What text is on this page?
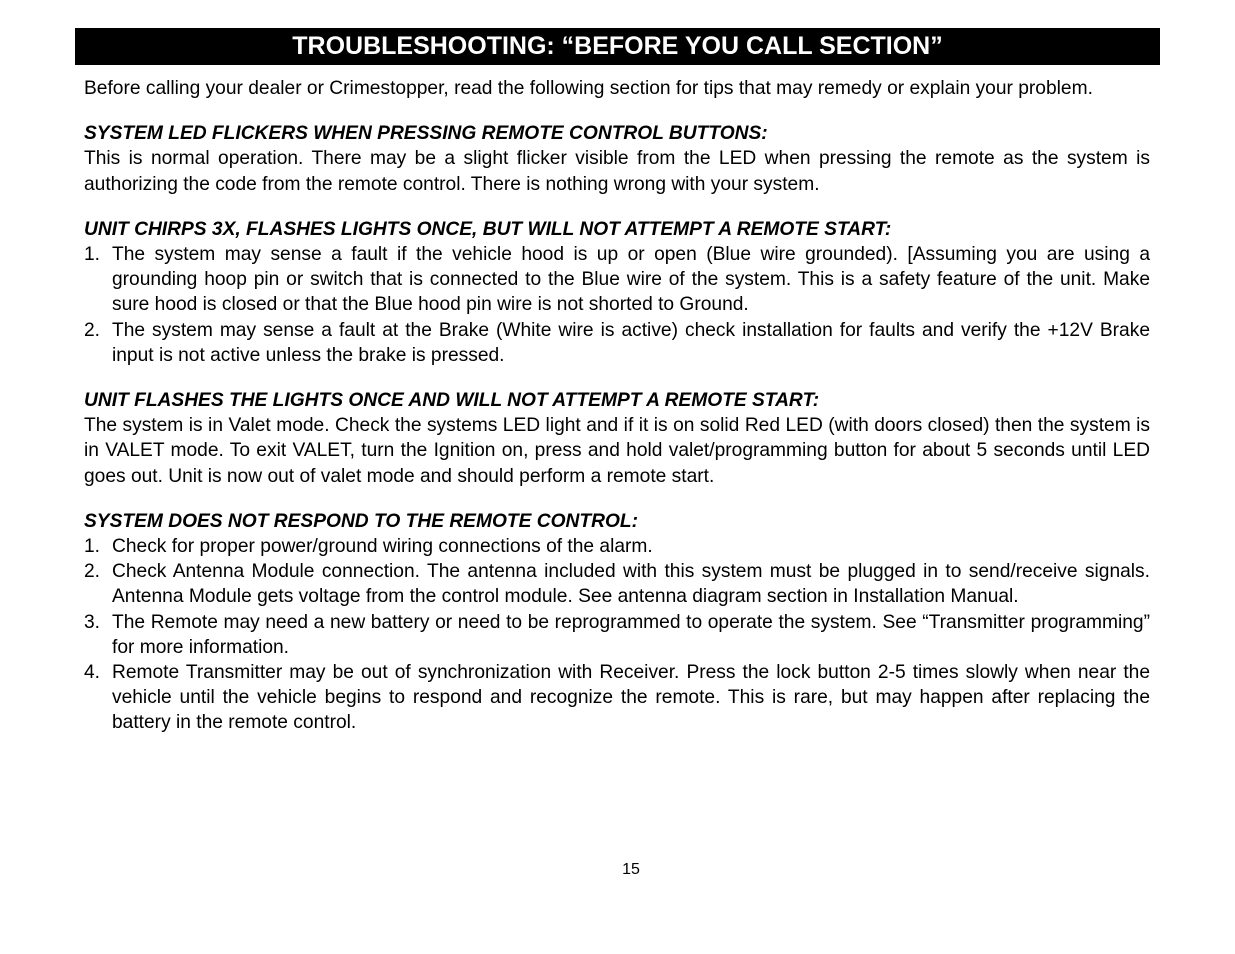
TROUBLESHOOTING: “BEFORE YOU CALL SECTION”

Before calling your dealer or Crimestopper, read the following section for tips that may remedy or explain your problem.

SYSTEM LED FLICKERS WHEN PRESSING REMOTE CONTROL BUTTONS:

This is normal operation. There may be a slight flicker visible from the LED when pressing the remote as the system is authorizing the code from the remote control. There is nothing wrong with your system.

UNIT CHIRPS 3X, FLASHES LIGHTS ONCE, BUT WILL NOT ATTEMPT A REMOTE START:

1. The system may sense a fault if the vehicle hood is up or open (Blue wire grounded). [Assuming you are using a grounding hoop pin or switch that is connected to the Blue wire of the system. This is a safety feature of the unit. Make sure hood is closed or that the Blue hood pin wire is not shorted to Ground.
2. The system may sense a fault at the Brake (White wire is active) check installation for faults and verify the +12V Brake input is not active unless the brake is pressed.

UNIT FLASHES THE LIGHTS ONCE AND WILL NOT ATTEMPT A REMOTE START:

The system is in Valet mode. Check the systems LED light and if it is on solid Red LED (with doors closed) then the system is in VALET mode. To exit VALET, turn the Ignition on, press and hold valet/programming button for about 5 seconds until LED goes out. Unit is now out of valet mode and should perform a remote start.

SYSTEM DOES NOT RESPOND TO THE REMOTE CONTROL:

1. Check for proper power/ground wiring connections of the alarm.
2. Check Antenna Module connection. The antenna included with this system must be plugged in to send/receive signals. Antenna Module gets voltage from the control module. See antenna diagram section in Installation Manual.
3. The Remote may need a new battery or need to be reprogrammed to operate the system. See “Transmitter programming” for more information.
4. Remote Transmitter may be out of synchronization with Receiver. Press the lock button 2-5 times slowly when near the vehicle until the vehicle begins to respond and recognize the remote. This is rare, but may happen after replacing the battery in the remote control.
15
